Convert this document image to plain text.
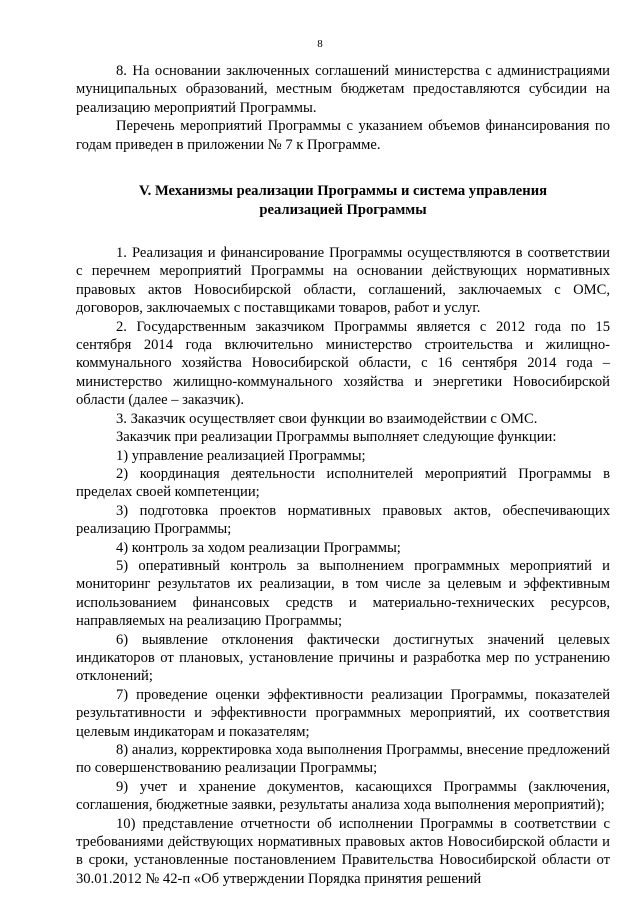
8

8. На основании заключенных соглашений министерства с администрациями муниципальных образований, местным бюджетам предоставляются субсидии на реализацию мероприятий Программы.

Перечень мероприятий Программы с указанием объемов финансирования по годам приведен в приложении № 7 к Программе.

V. Механизмы реализации Программы и система управления
реализацией Программы

1. Реализация и финансирование Программы осуществляются в соответствии с перечнем мероприятий Программы на основании действующих нормативных правовых актов Новосибирской области, соглашений, заключаемых с ОМС, договоров, заключаемых с поставщиками товаров, работ и услуг.

2. Государственным заказчиком Программы является с 2012 года по 15 сентября 2014 года включительно министерство строительства и жилищно-коммунального хозяйства Новосибирской области, с 16 сентября 2014 года – министерство жилищно-коммунального хозяйства и энергетики Новосибирской области (далее – заказчик).

3. Заказчик осуществляет свои функции во взаимодействии с ОМС.

Заказчик при реализации Программы выполняет следующие функции:

1) управление реализацией Программы;

2) координация деятельности исполнителей мероприятий Программы в пределах своей компетенции;

3) подготовка проектов нормативных правовых актов, обеспечивающих реализацию Программы;

4) контроль за ходом реализации Программы;

5) оперативный контроль за выполнением программных мероприятий и мониторинг результатов их реализации, в том числе за целевым и эффективным использованием финансовых средств и материально-технических ресурсов, направляемых на реализацию Программы;

6) выявление отклонения фактически достигнутых значений целевых индикаторов от плановых, установление причины и разработка мер по устранению отклонений;

7) проведение оценки эффективности реализации Программы, показателей результативности и эффективности программных мероприятий, их соответствия целевым индикаторам и показателям;

8) анализ, корректировка хода выполнения Программы, внесение предложений по совершенствованию реализации Программы;

9) учет и хранение документов, касающихся Программы (заключения, соглашения, бюджетные заявки, результаты анализа хода выполнения мероприятий);

10) представление отчетности об исполнении Программы в соответствии с требованиями действующих нормативных правовых актов Новосибирской области и в сроки, установленные постановлением Правительства Новосибирской области от 30.01.2012 № 42-п «Об утверждении Порядка принятия решений
